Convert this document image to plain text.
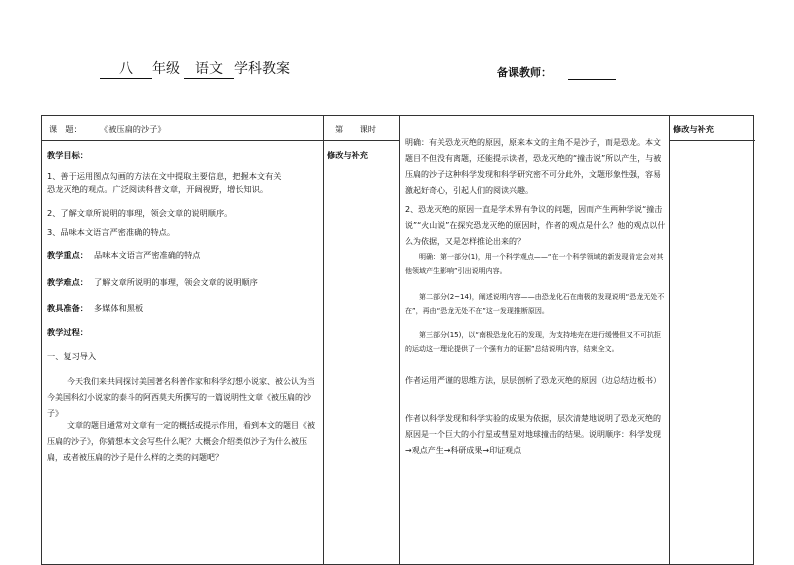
八 年级 语文 学科教案	备课教师：
课　题： 《被压扁的沙子》	第　　课时	修改与补充
教学目标：
1、善于运用图点勾画的方法在文中提取主要信息，把握本文有关
恐龙灭绝的观点。广泛阅读科普文章，开阔视野，增长知识。
2、了解文章所说明的事理，领会文章的说明顺序。
3、品味本文语言严密准确的特点。
教学重点： 品味本文语言严密准确的特点
教学难点： 了解文章所说明的事理，领会文章的说明顺序
教具准备： 多媒体和黑板
教学过程：
一、复习导入
今天我们来共同探讨美国著名科普作家和科学幻想小说家、被公认为当今美国科幻小说家的泰斗的阿西莫夫所撰写的一篇说明性文章《被压扁的沙子》
文章的题目通常对文章有一定的概括或提示作用，看到本文的题目《被压扁的沙子》，你猜想本文会写些什么呢？大概会介绍类似沙子为什么被压扁，或者被压扁的沙子是什么样的之类的问题吧？
修改与补充
明确：有关恐龙灭绝的原因，原来本文的主角不是沙子，而是恐龙。本文题目不但没有离题，还能提示读者，恐龙灭绝的“撞击说”所以产生，与被压扁的沙子这种科学发现和科学研究密不可分此外，文题形象性强，容易激起好奇心，引起人们的阅读兴趣。
2、恐龙灭绝的原因一直是学术界有争议的问题，因而产生两种学说“撞击说”“火山说”在探究恐龙灭绝的原因时，作者的观点是什么？他的观点以什么为依据，又是怎样推论出来的？
明确：第一部分(1)，用一个科学观点——“在一个科学领域的新发现肯定会对其他领域产生影响”引出说明内容。
第二部分(2~14)，阐述说明内容——由恐龙化石在南极的发现说明“恐龙无处不在”，再由“恐龙无处不在”这一发现推断原因。
第三部分(15)，以“南极恐龙化石的发现，为支持地壳在进行缓慢但又不可抗拒的运动这一理论提供了一个强有力的证据”总结说明内容，结束全文。
作者运用严谨的思维方法，层层剖析了恐龙灭绝的原因（边总结边板书）
作者以科学发现和科学实验的成果为依据，层次清楚地说明了恐龙灭绝的原因是一个巨大的小行星或彗星对地球撞击的结果。说明顺序：科学发现→观点产生→科研成果→印证观点
